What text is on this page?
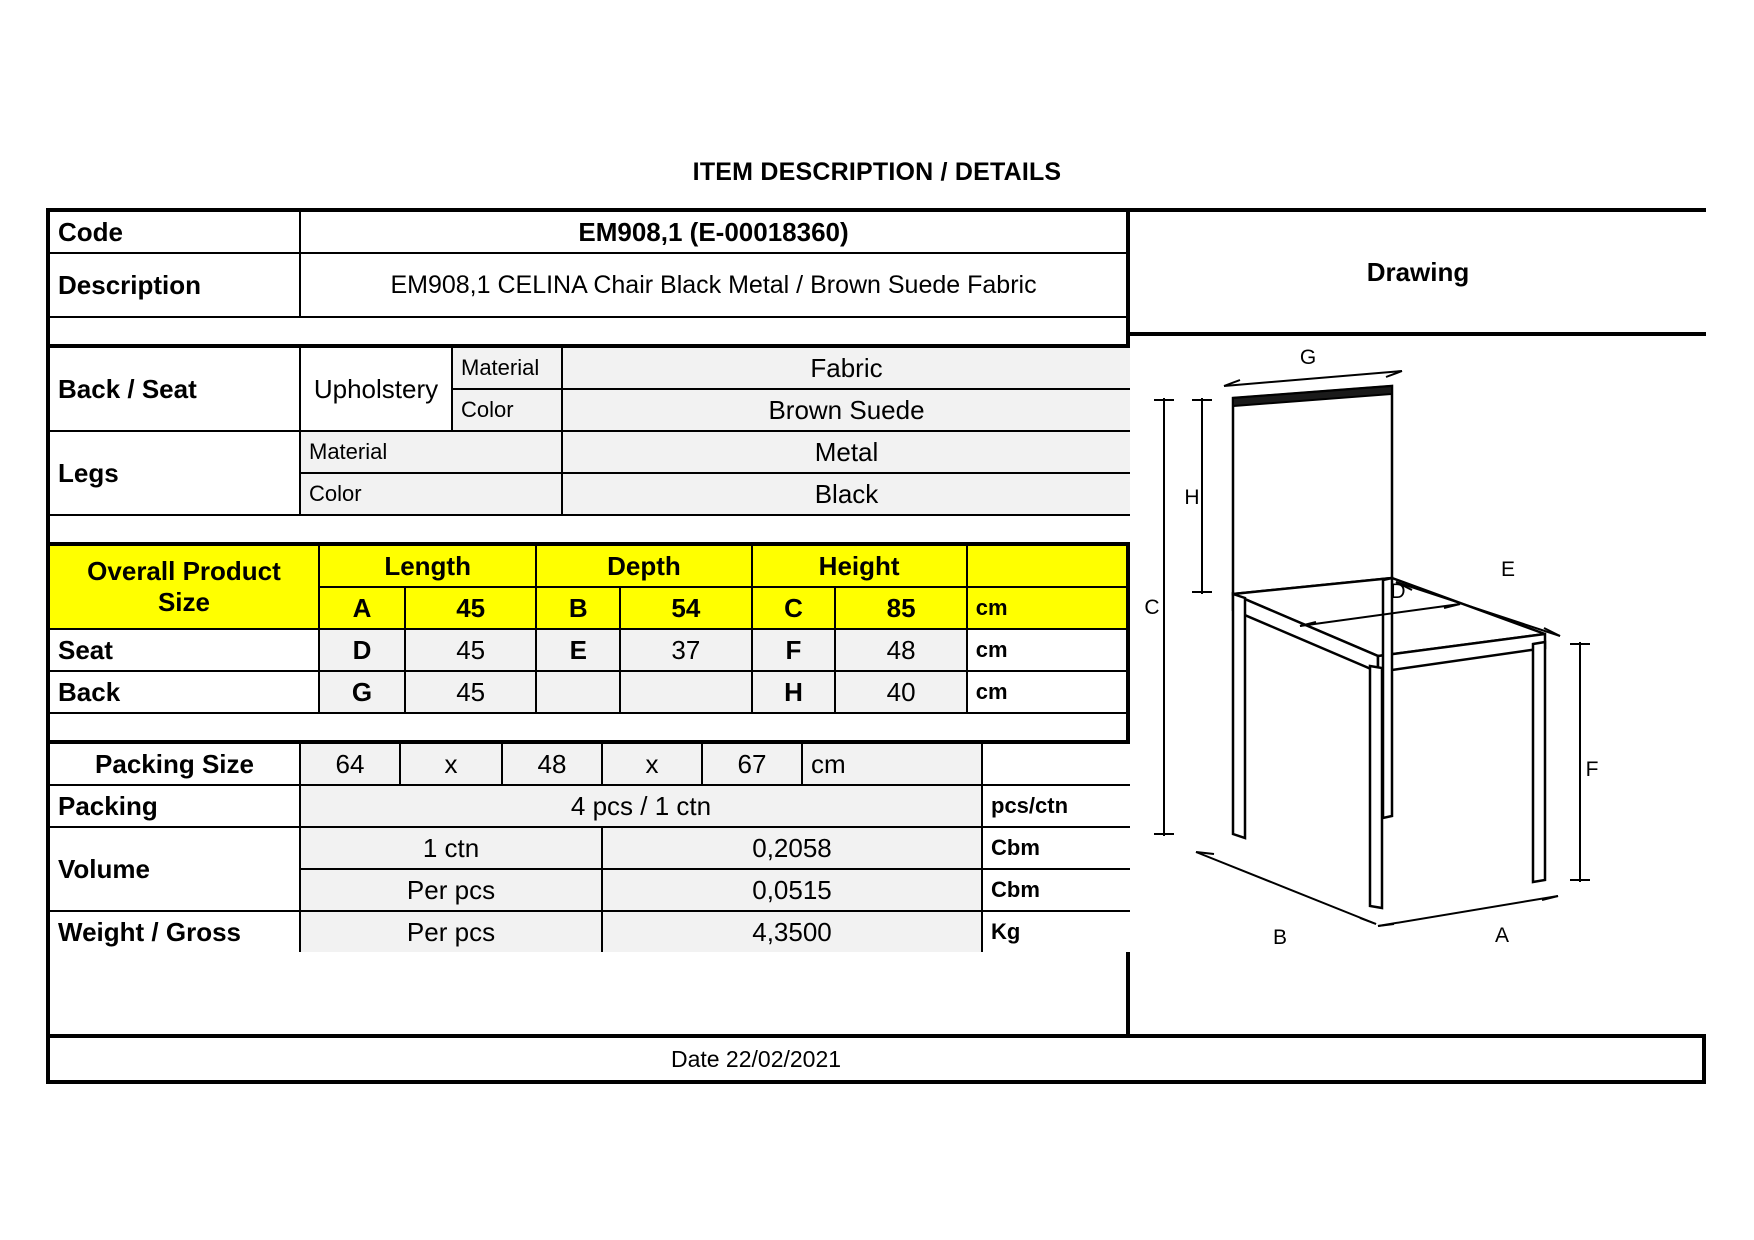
ITEM DESCRIPTION / DETAILS
Code	EM908,1 (E-00018360)
Description	EM908,1 CELINA Chair Black Metal / Brown Suede Fabric

Back / Seat	Upholstery	Material	Fabric
		Color	Brown Suede
Legs	Material		Metal
	Color		Black

Overall Product
Size	Length		Depth		Height		
	A	45	B	54	C	85	cm
Seat	D	45	E	37	F	48	cm
Back	G	45			H	40	cm

Packing Size	64	x	48	x	67	cm	
Packing	4 pcs / 1 ctn						pcs/ctn
Volume	1 ctn			0,2058			Cbm
	Per pcs			0,0515			Cbm
Weight / Gross	Per pcs			4,3500			Kg
Drawing
G
H
C
E
D
F
B	A
Date 22/02/2021
